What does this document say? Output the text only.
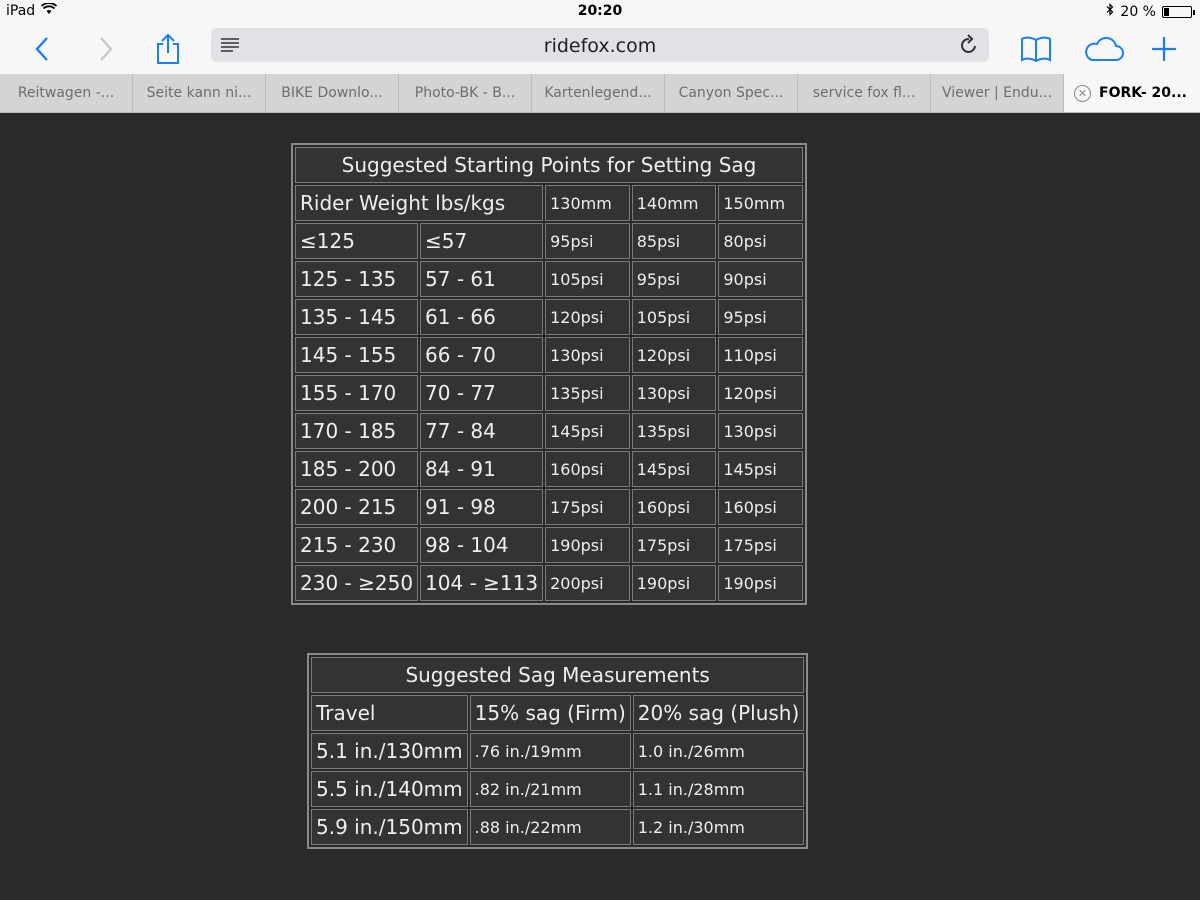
iPad	20:20	20 %
ridefox.com
Reitwagen -...	Seite kann ni...	BIKE Downlo...	Photo-BK - B...	Kartenlegend...	Canyon Spec...	service fox fl...	Viewer | Endu...	✕ FORK- 20...
Suggested Starting Points for Setting Sag				
Rider Weight lbs/kgs		130mm	140mm	150mm
≤125	≤57	95psi	85psi	80psi
125 - 135	57 - 61	105psi	95psi	90psi
135 - 145	61 - 66	120psi	105psi	95psi
145 - 155	66 - 70	130psi	120psi	110psi
155 - 170	70 - 77	135psi	130psi	120psi
170 - 185	77 - 84	145psi	135psi	130psi
185 - 200	84 - 91	160psi	145psi	145psi
200 - 215	91 - 98	175psi	160psi	160psi
215 - 230	98 - 104	190psi	175psi	175psi
230 - ≥250	104 - ≥113	200psi	190psi	190psi
Suggested Sag Measurements		
Travel	15% sag (Firm)	20% sag (Plush)
5.1 in./130mm	.76 in./19mm	1.0 in./26mm
5.5 in./140mm	.82 in./21mm	1.1 in./28mm
5.9 in./150mm	.88 in./22mm	1.2 in./30mm
